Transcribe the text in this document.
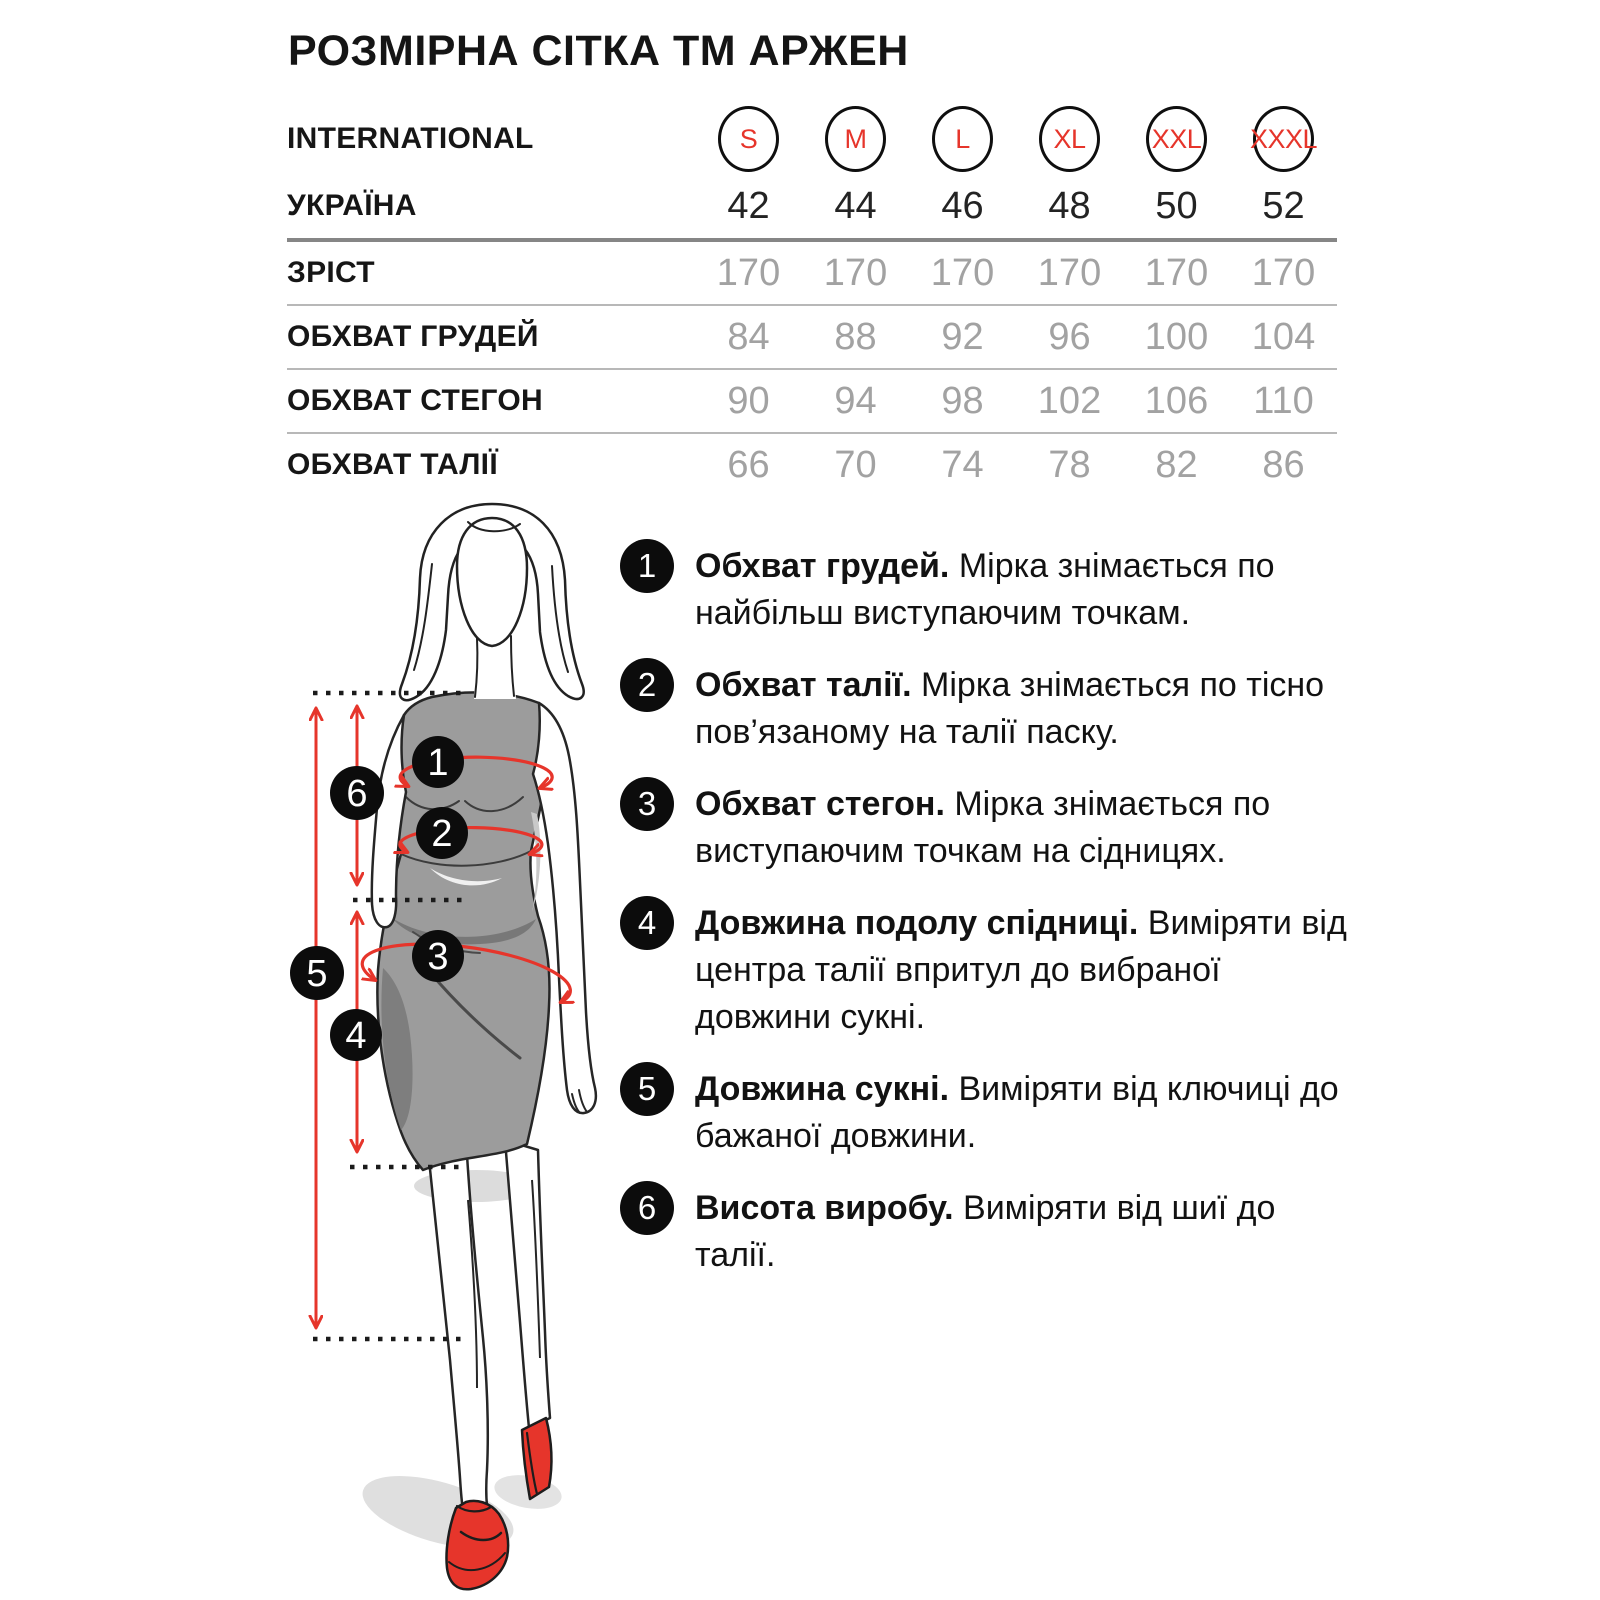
РОЗМІРНА СІТКА ТМ АРЖЕН
INTERNATIONAL	S	M	L	XL	XXL	XXXL
УКРАЇНА	42	44	46	48	50	52
ЗРІСТ	170	170	170	170	170	170
ОБХВАТ ГРУДЕЙ	84	88	92	96	100	104
ОБХВАТ СТЕГОН	90	94	98	102	106	110
ОБХВАТ ТАЛІЇ	66	70	74	78	82	86
1
2
6
3
5
4
1	Обхват грудей. Мірка знімається по найбільш виступаючим точкам.
2	Обхват талії. Мірка знімається по тісно пов’язаному на талії паску.
3	Обхват стегон. Мірка знімається по виступаючим точкам на сідницях.
4	Довжина подолу спідниці. Виміряти від центра талії впритул до вибраної довжини сукні.
5	Довжина сукні. Виміряти від ключиці до бажаної довжини.
6	Висота виробу. Виміряти від шиї до талії.
